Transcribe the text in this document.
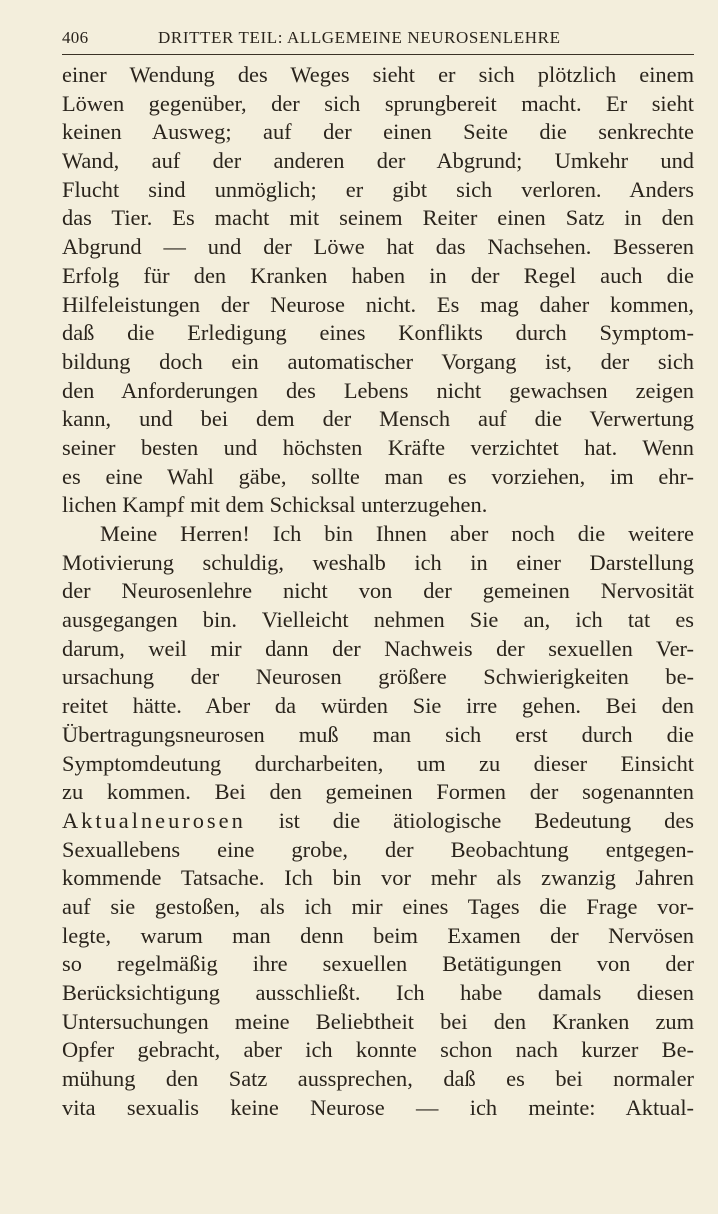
406	DRITTER TEIL: ALLGEMEINE NEUROSENLEHRE
einer Wendung des Weges sieht er sich plötzlich einem
Löwen gegenüber, der sich sprungbereit macht. Er sieht
keinen Ausweg; auf der einen Seite die senkrechte
Wand, auf der anderen der Abgrund; Umkehr und
Flucht sind unmöglich; er gibt sich verloren. Anders
das Tier. Es macht mit seinem Reiter einen Satz in den
Abgrund — und der Löwe hat das Nachsehen. Besseren
Erfolg für den Kranken haben in der Regel auch die
Hilfeleistungen der Neurose nicht. Es mag daher kommen,
daß die Erledigung eines Konflikts durch Symptom-
bildung doch ein automatischer Vorgang ist, der sich
den Anforderungen des Lebens nicht gewachsen zeigen
kann, und bei dem der Mensch auf die Verwertung
seiner besten und höchsten Kräfte verzichtet hat. Wenn
es eine Wahl gäbe, sollte man es vorziehen, im ehr-
lichen Kampf mit dem Schicksal unterzugehen.
Meine Herren! Ich bin Ihnen aber noch die weitere
Motivierung schuldig, weshalb ich in einer Darstellung
der Neurosenlehre nicht von der gemeinen Nervosität
ausgegangen bin. Vielleicht nehmen Sie an, ich tat es
darum, weil mir dann der Nachweis der sexuellen Ver-
ursachung der Neurosen größere Schwierigkeiten be-
reitet hätte. Aber da würden Sie irre gehen. Bei den
Übertragungsneurosen muß man sich erst durch die
Symptomdeutung durcharbeiten, um zu dieser Einsicht
zu kommen. Bei den gemeinen Formen der sogenannten
Aktualneurosen ist die ätiologische Bedeutung des
Sexuallebens eine grobe, der Beobachtung entgegen-
kommende Tatsache. Ich bin vor mehr als zwanzig Jahren
auf sie gestoßen, als ich mir eines Tages die Frage vor-
legte, warum man denn beim Examen der Nervösen
so regelmäßig ihre sexuellen Betätigungen von der
Berücksichtigung ausschließt. Ich habe damals diesen
Untersuchungen meine Beliebtheit bei den Kranken zum
Opfer gebracht, aber ich konnte schon nach kurzer Be-
mühung den Satz aussprechen, daß es bei normaler
vita sexualis keine Neurose — ich meinte: Aktual-
